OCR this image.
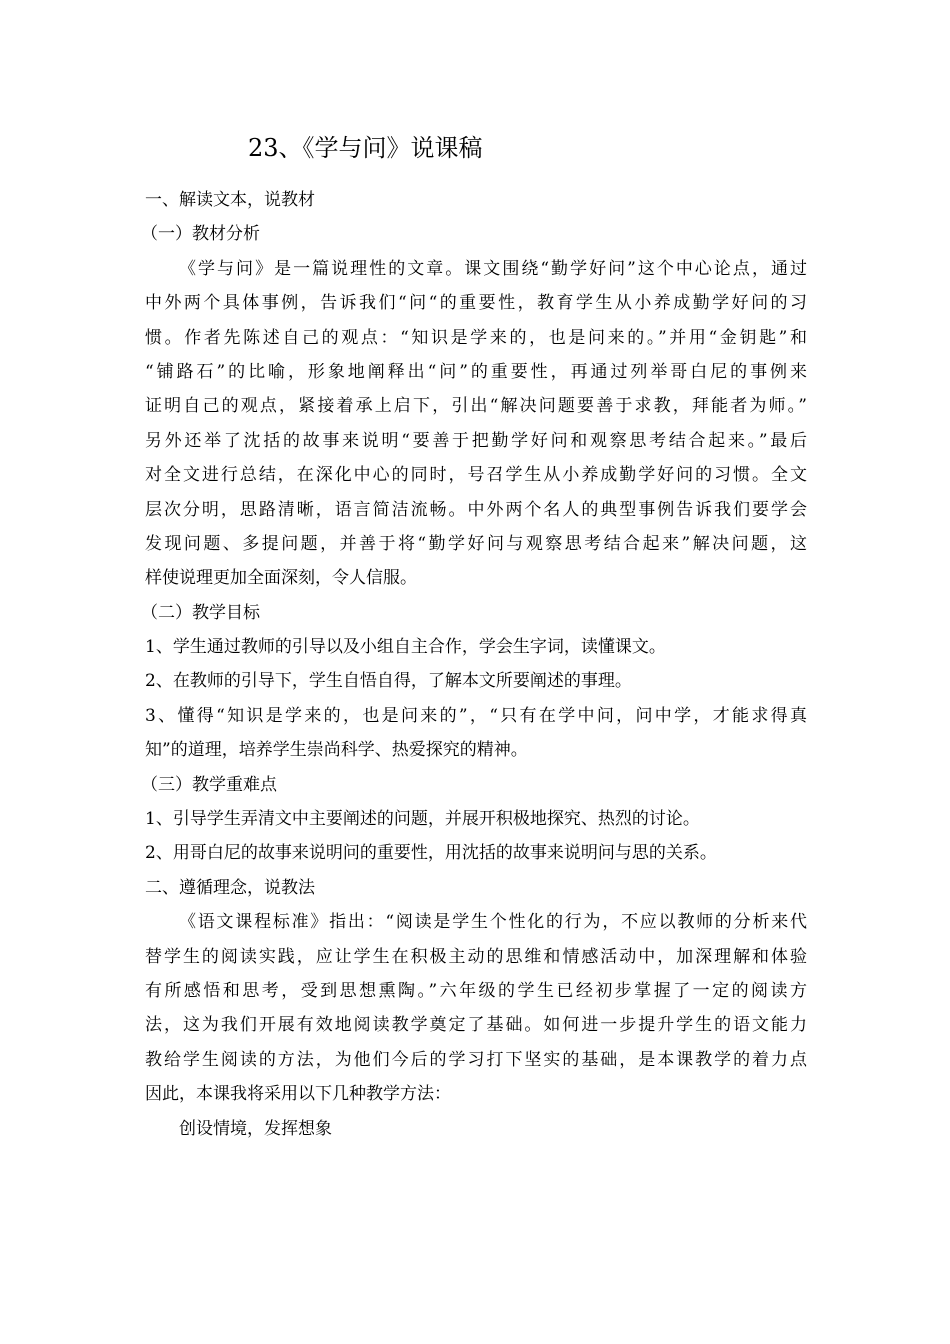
23、《学与问》说课稿
一、解读文本，说教材
（一）教材分析
《学与问》是一篇说理性的文章。课文围绕“勤学好问”这个中心论点，通过
中外两个具体事例，告诉我们“问“的重要性，教育学生从小养成勤学好问的习
惯。作者先陈述自己的观点：“知识是学来的，也是问来的。”并用“金钥匙”和
“铺路石”的比喻，形象地阐释出“问”的重要性，再通过列举哥白尼的事例来
证明自己的观点，紧接着承上启下，引出“解决问题要善于求教，拜能者为师。”
另外还举了沈括的故事来说明“要善于把勤学好问和观察思考结合起来。”最后
对全文进行总结，在深化中心的同时，号召学生从小养成勤学好问的习惯。全文
层次分明，思路清晰，语言简洁流畅。中外两个名人的典型事例告诉我们要学会
发现问题、多提问题，并善于将“勤学好问与观察思考结合起来”解决问题，这
样使说理更加全面深刻，令人信服。
（二）教学目标
1、学生通过教师的引导以及小组自主合作，学会生字词，读懂课文。
2、在教师的引导下，学生自悟自得，了解本文所要阐述的事理。
3、懂得“知识是学来的，也是问来的”，“只有在学中问，问中学，才能求得真
知”的道理，培养学生崇尚科学、热爱探究的精神。
（三）教学重难点
1、引导学生弄清文中主要阐述的问题，并展开积极地探究、热烈的讨论。
2、用哥白尼的故事来说明问的重要性，用沈括的故事来说明问与思的关系。
二、遵循理念，说教法
《语文课程标准》指出：“阅读是学生个性化的行为，不应以教师的分析来代
替学生的阅读实践，应让学生在积极主动的思维和情感活动中，加深理解和体验
有所感悟和思考，受到思想熏陶。”六年级的学生已经初步掌握了一定的阅读方
法，这为我们开展有效地阅读教学奠定了基础。如何进一步提升学生的语文能力
教给学生阅读的方法，为他们今后的学习打下坚实的基础，是本课教学的着力点
因此，本课我将采用以下几种教学方法：
创设情境，发挥想象
